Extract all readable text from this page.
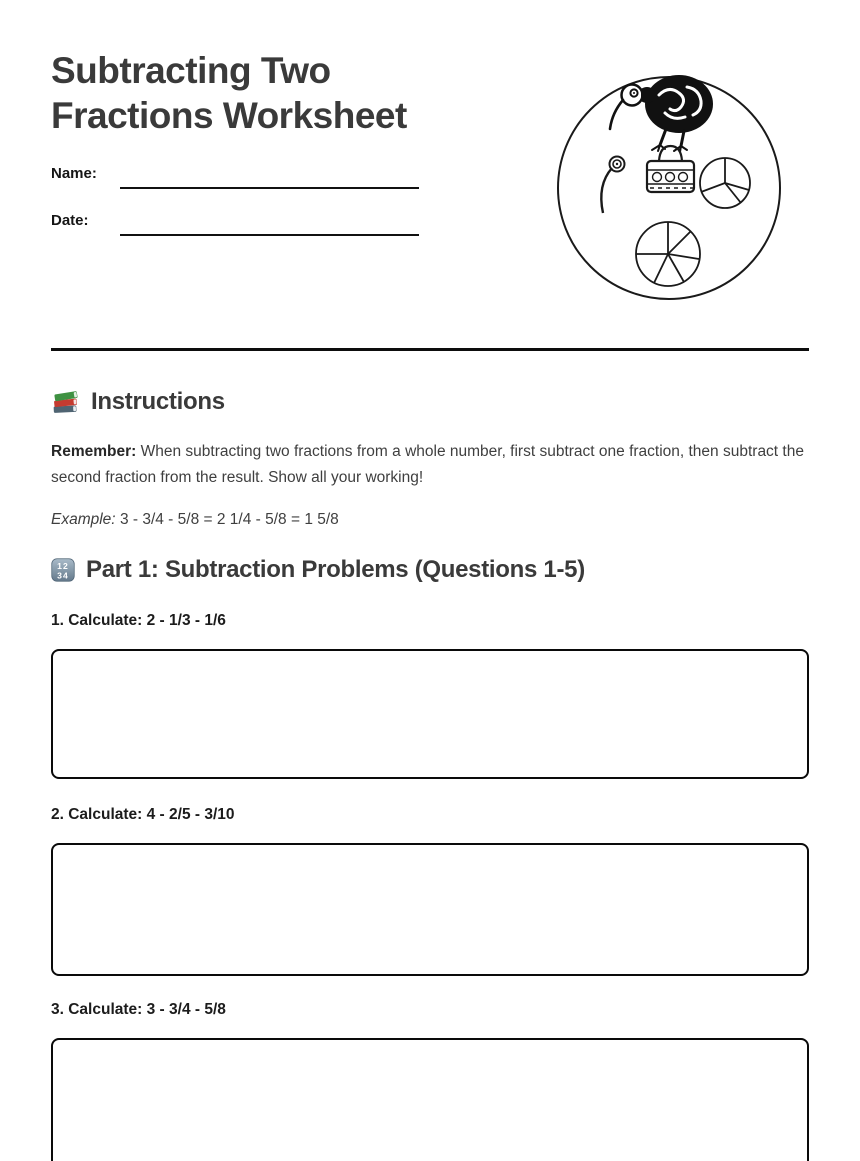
Subtracting Two
Fractions Worksheet
Name:
Date:
Instructions

Remember: When subtracting two fractions from a whole number, first subtract one fraction, then subtract the second fraction from the result. Show all your working!

Example: 3 - 3/4 - 5/8 = 2 1/4 - 5/8 = 1 5/8

12
34 Part 1: Subtraction Problems (Questions 1-5)
1. Calculate: 2 - 1/3 - 1/6
2. Calculate: 4 - 2/5 - 3/10
3. Calculate: 3 - 3/4 - 5/8
